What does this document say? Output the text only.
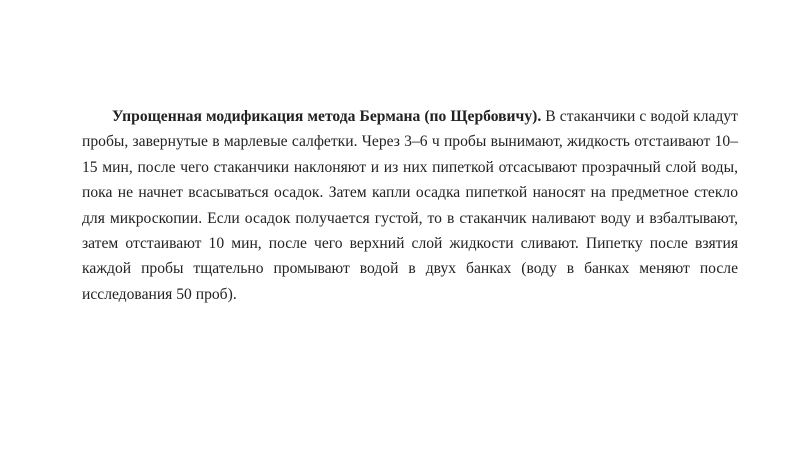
Упрощенная модификация метода Бермана (по Щербовичу). В стаканчики с водой кладут пробы, завернутые в марлевые салфетки. Через 3–6 ч пробы вынимают, жидкость отстаивают 10–15 мин, после чего стаканчики наклоняют и из них пипеткой отсасывают прозрачный слой воды, пока не начнет всасываться осадок. Затем капли осадка пипеткой наносят на предметное стекло для микроскопии. Если осадок получается густой, то в стаканчик наливают воду и взбалтывают, затем отстаивают 10 мин, после чего верхний слой жидкости сливают. Пипетку после взятия каждой пробы тщательно промывают водой в двух банках (воду в банках меняют после исследования 50 проб).
